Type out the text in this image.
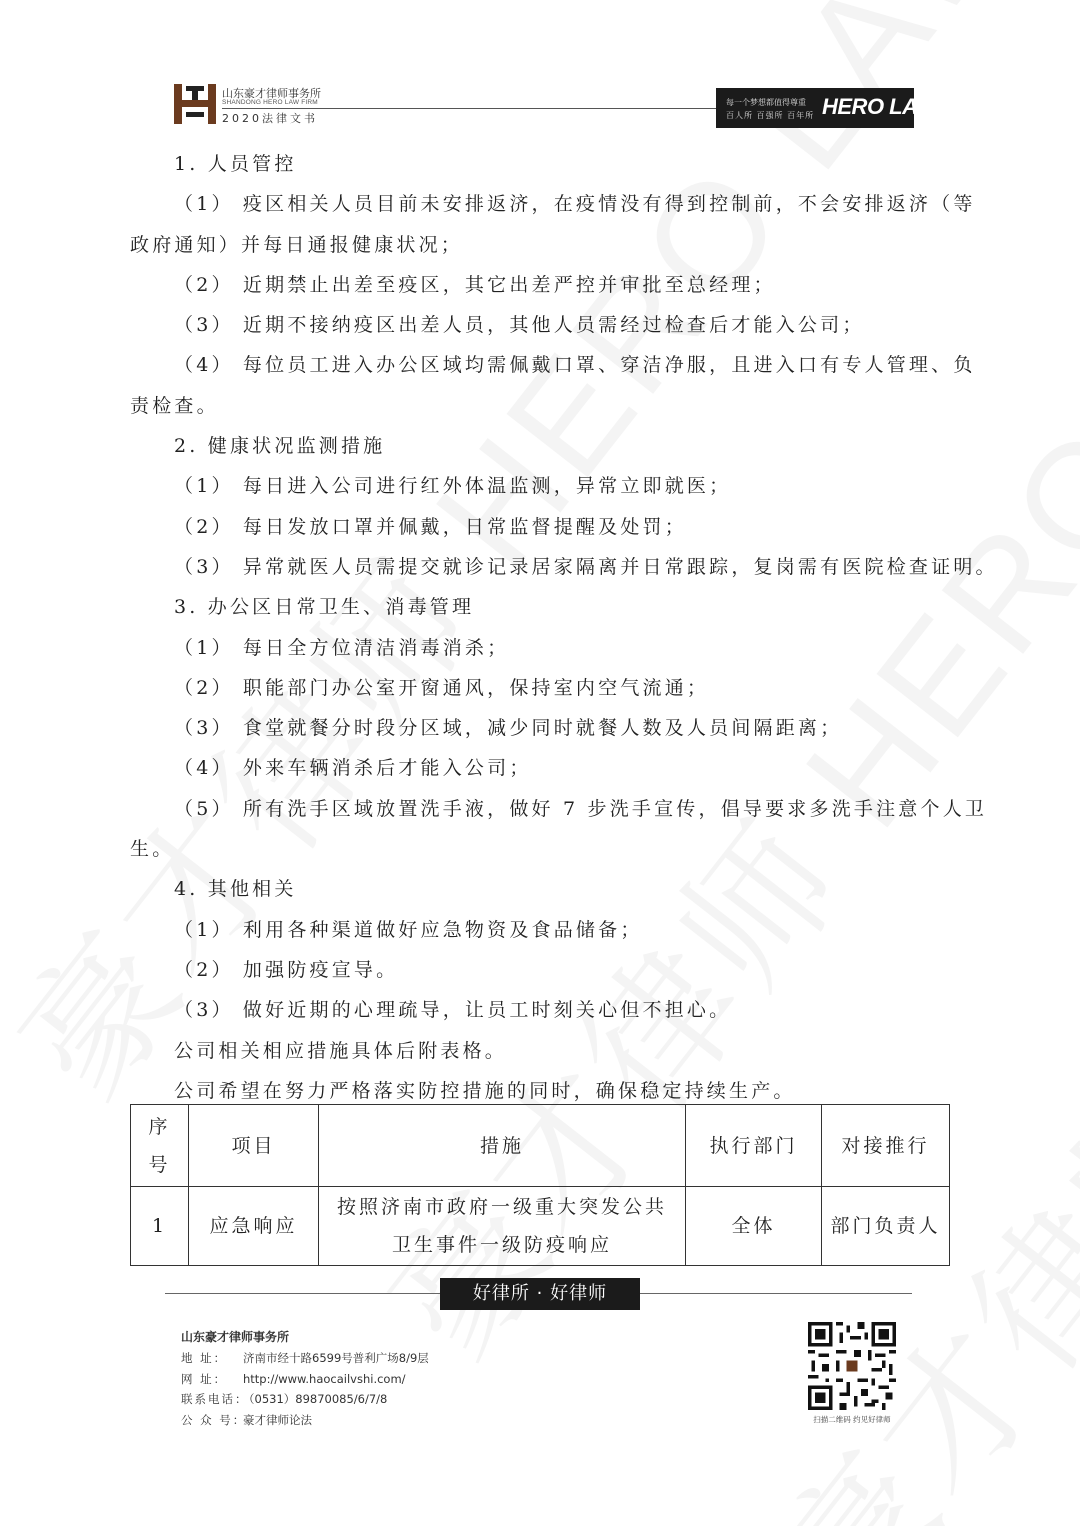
山东豪才律师事务所
SHANDONG HERO LAW FIRM
2020法律文书
每一个梦想都值得尊重
百人所 百强所 百年所 HERO LAW
1. 人员管控
（1） 疫区相关人员目前未安排返济，在疫情没有得到控制前，不会安排返济（等
政府通知）并每日通报健康状况；
（2） 近期禁止出差至疫区，其它出差严控并审批至总经理；
（3） 近期不接纳疫区出差人员，其他人员需经过检查后才能入公司；
（4） 每位员工进入办公区域均需佩戴口罩、穿洁净服，且进入口有专人管理、负
责检查。
2. 健康状况监测措施
（1） 每日进入公司进行红外体温监测，异常立即就医；
（2） 每日发放口罩并佩戴，日常监督提醒及处罚；
（3） 异常就医人员需提交就诊记录居家隔离并日常跟踪，复岗需有医院检查证明。
3. 办公区日常卫生、消毒管理
（1） 每日全方位清洁消毒消杀；
（2） 职能部门办公室开窗通风，保持室内空气流通；
（3） 食堂就餐分时段分区域，减少同时就餐人数及人员间隔距离；
（4） 外来车辆消杀后才能入公司；
（5） 所有洗手区域放置洗手液，做好 7 步洗手宣传，倡导要求多洗手注意个人卫
生。
4. 其他相关
（1） 利用各种渠道做好应急物资及食品储备；
（2） 加强防疫宣导。
（3） 做好近期的心理疏导，让员工时刻关心但不担心。
公司相关相应措施具体后附表格。
公司希望在努力严格落实防控措施的同时，确保稳定持续生产。
序
号	项目	措施	执行部门	对接推行
1	应急响应	按照济南市政府一级重大突发公共
卫生事件一级防疫响应	全体	部门负责人
好律所 · 好律师
山东豪才律师事务所
地 址： 济南市经十路6599号普利广场8/9层
网 址： http://www.haocailvshi.com/
联系电话：（0531）89870085/6/7/8
公 众 号：豪才律师论法	扫描二维码 约见好律师
